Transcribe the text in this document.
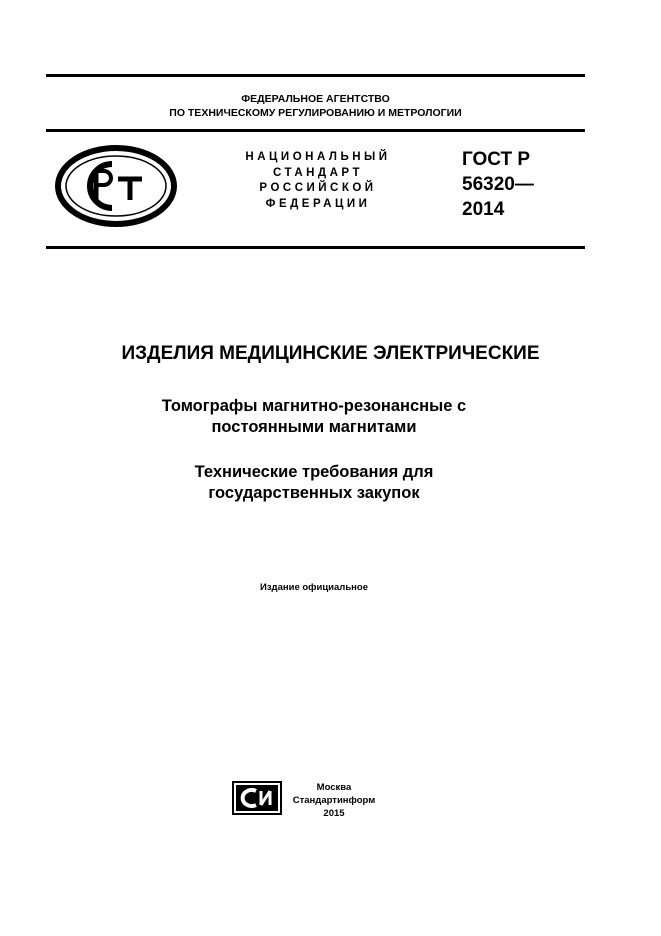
ФЕДЕРАЛЬНОЕ АГЕНТСТВО
ПО ТЕХНИЧЕСКОМУ РЕГУЛИРОВАНИЮ И МЕТРОЛОГИИ
РСТ
НАЦИОНАЛЬНЫЙ
СТАНДАРТ
РОССИЙСКОЙ
ФЕДЕРАЦИИ
ГОСТ Р
56320—
2014
ИЗДЕЛИЯ МЕДИЦИНСКИЕ ЭЛЕКТРИЧЕСКИЕ
Томографы магнитно-резонансные с
постоянными магнитами
Технические требования для
государственных закупок
Издание официальное
СИ
Москва
Стандартинформ
2015
